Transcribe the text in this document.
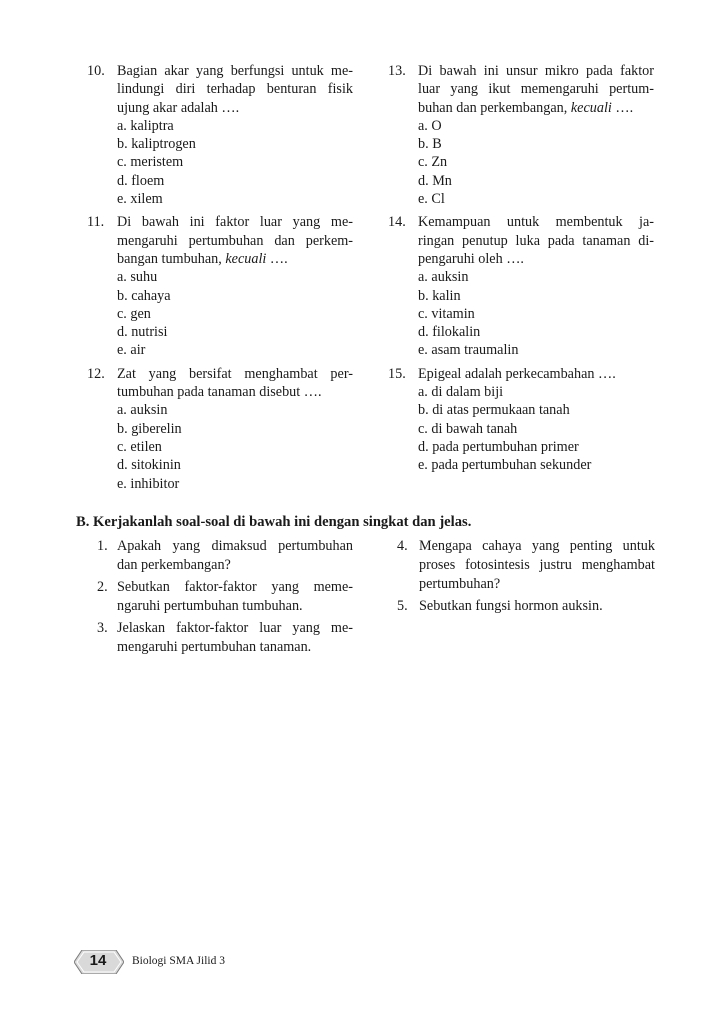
10. Bagian akar yang berfungsi untuk me- lindungi diri terhadap benturan fisik ujung akar adalah ….
a. kaliptra
b. kaliptrogen
c. meristem
d. floem
e. xilem
11. Di bawah ini faktor luar yang me- mengaruhi pertumbuhan dan perkem- bangan tumbuhan, kecuali ….
a. suhu
b. cahaya
c. gen
d. nutrisi
e. air
12. Zat yang bersifat menghambat per- tumbuhan pada tanaman disebut ….
a. auksin
b. giberelin
c. etilen
d. sitokinin
e. inhibitor
13. Di bawah ini unsur mikro pada faktor luar yang ikut memengaruhi pertum- buhan dan perkembangan, kecuali ….
a. O
b. B
c. Zn
d. Mn
e. Cl
14. Kemampuan untuk membentuk ja- ringan penutup luka pada tanaman di- pengaruhi oleh ….
a. auksin
b. kalin
c. vitamin
d. filokalin
e. asam traumalin
15. Epigeal adalah perkecambahan ….
a. di dalam biji
b. di atas permukaan tanah
c. di bawah tanah
d. pada pertumbuhan primer
e. pada pertumbuhan sekunder
B. Kerjakanlah soal-soal di bawah ini dengan singkat dan jelas.
1. Apakah yang dimaksud pertumbuhan dan perkembangan?
2. Sebutkan faktor-faktor yang meme- ngaruhi pertumbuhan tumbuhan.
3. Jelaskan faktor-faktor luar yang me- mengaruhi pertumbuhan tanaman.
4. Mengapa cahaya yang penting untuk proses fotosintesis justru menghambat pertumbuhan?
5. Sebutkan fungsi hormon auksin.
14	Biologi SMA Jilid 3
